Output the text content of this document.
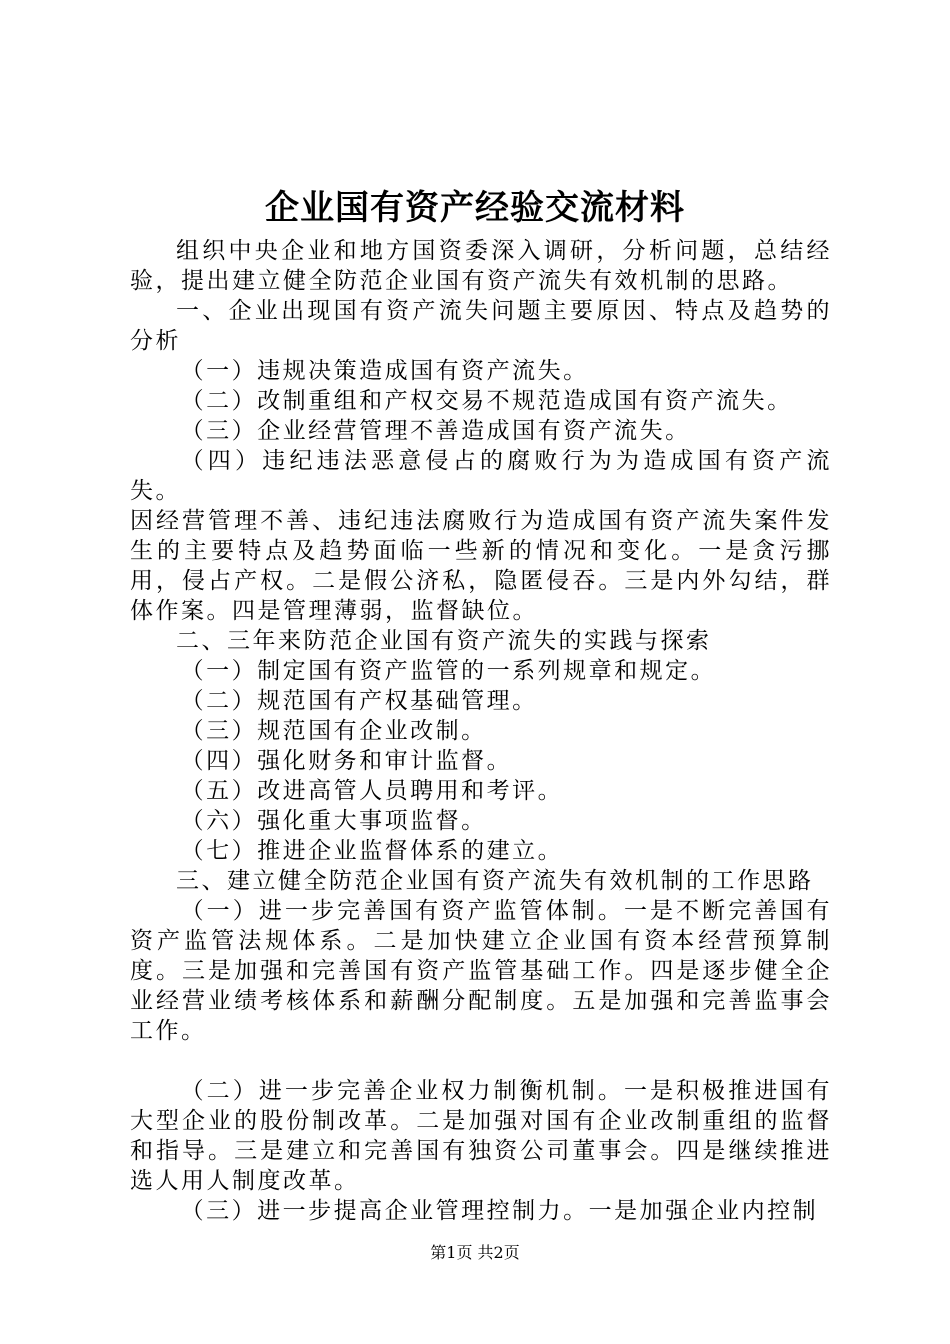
企业国有资产经验交流材料

组织中央企业和地方国资委深入调研，分析问题，总结经验，提出建立健全防范企业国有资产流失有效机制的思路。

一、企业出现国有资产流失问题主要原因、特点及趋势的分析

（一）违规决策造成国有资产流失。

（二）改制重组和产权交易不规范造成国有资产流失。

（三）企业经营管理不善造成国有资产流失。

（四）违纪违法恶意侵占的腐败行为为造成国有资产流失。

因经营管理不善、违纪违法腐败行为造成国有资产流失案件发生的主要特点及趋势面临一些新的情况和变化。一是贪污挪用，侵占产权。二是假公济私，隐匿侵吞。三是内外勾结，群体作案。四是管理薄弱，监督缺位。

二、三年来防范企业国有资产流失的实践与探索

（一）制定国有资产监管的一系列规章和规定。

（二）规范国有产权基础管理。

（三）规范国有企业改制。

（四）强化财务和审计监督。

（五）改进高管人员聘用和考评。

（六）强化重大事项监督。

（七）推进企业监督体系的建立。

三、建立健全防范企业国有资产流失有效机制的工作思路

（一）进一步完善国有资产监管体制。一是不断完善国有资产监管法规体系。二是加快建立企业国有资本经营预算制度。三是加强和完善国有资产监管基础工作。四是逐步健全企业经营业绩考核体系和薪酬分配制度。五是加强和完善监事会工作。

（二）进一步完善企业权力制衡机制。一是积极推进国有大型企业的股份制改革。二是加强对国有企业改制重组的监督和指导。三是建立和完善国有独资公司董事会。四是继续推进选人用人制度改革。

（三）进一步提高企业管理控制力。一是加强企业内控制

第1页 共2页
